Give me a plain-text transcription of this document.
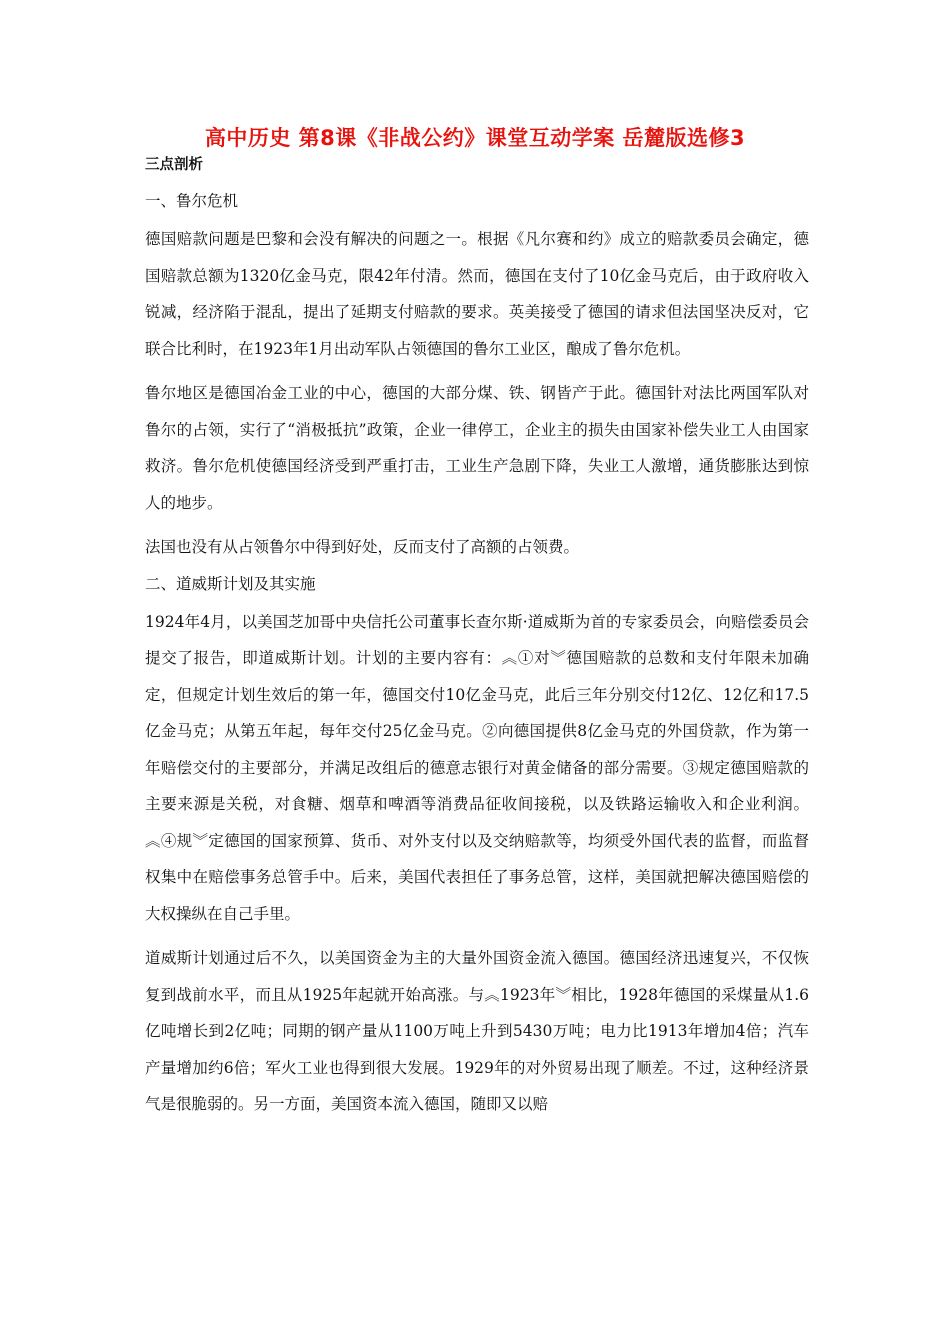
高中历史 第8课《非战公约》课堂互动学案 岳麓版选修3
三点剖析
一、鲁尔危机
德国赔款问题是巴黎和会没有解决的问题之一。根据《凡尔赛和约》成立的赔款委员会确定，德国赔款总额为1320亿金马克，限42年付清。然而，德国在支付了10亿金马克后，由于政府收入锐减，经济陷于混乱，提出了延期支付赔款的要求。英美接受了德国的请求但法国坚决反对，它联合比利时，在1923年1月出动军队占领德国的鲁尔工业区，酿成了鲁尔危机。
鲁尔地区是德国冶金工业的中心，德国的大部分煤、铁、钢皆产于此。德国针对法比两国军队对鲁尔的占领，实行了“消极抵抗”政策，企业一律停工，企业主的损失由国家补偿失业工人由国家救济。鲁尔危机使德国经济受到严重打击，工业生产急剧下降，失业工人激增，通货膨胀达到惊人的地步。
法国也没有从占领鲁尔中得到好处，反而支付了高额的占领费。
二、道威斯计划及其实施
1924年4月，以美国芝加哥中央信托公司董事长查尔斯·道威斯为首的专家委员会，向赔偿委员会提交了报告，即道威斯计划。计划的主要内容有：︽①对︾德国赔款的总数和支付年限未加确定，但规定计划生效后的第一年，德国交付10亿金马克，此后三年分别交付12亿、12亿和17.5亿金马克；从第五年起，每年交付25亿金马克。②向德国提供8亿金马克的外国贷款，作为第一年赔偿交付的主要部分，并满足改组后的德意志银行对黄金储备的部分需要。③规定德国赔款的主要来源是关税，对食糖、烟草和啤酒等消费品征收间接税，以及铁路运输收入和企业利润。︽④规︾定德国的国家预算、货币、对外支付以及交纳赔款等，均须受外国代表的监督，而监督权集中在赔偿事务总管手中。后来，美国代表担任了事务总管，这样，美国就把解决德国赔偿的大权操纵在自己手里。
道威斯计划通过后不久，以美国资金为主的大量外国资金流入德国。德国经济迅速复兴，不仅恢复到战前水平，而且从1925年起就开始高涨。与︽1923年︾相比，1928年德国的采煤量从1.6亿吨增长到2亿吨；同期的钢产量从1100万吨上升到5430万吨；电力比1913年增加4倍；汽车产量增加约6倍；军火工业也得到很大发展。1929年的对外贸易出现了顺差。不过，这种经济景气是很脆弱的。另一方面，美国资本流入德国，随即又以赔
